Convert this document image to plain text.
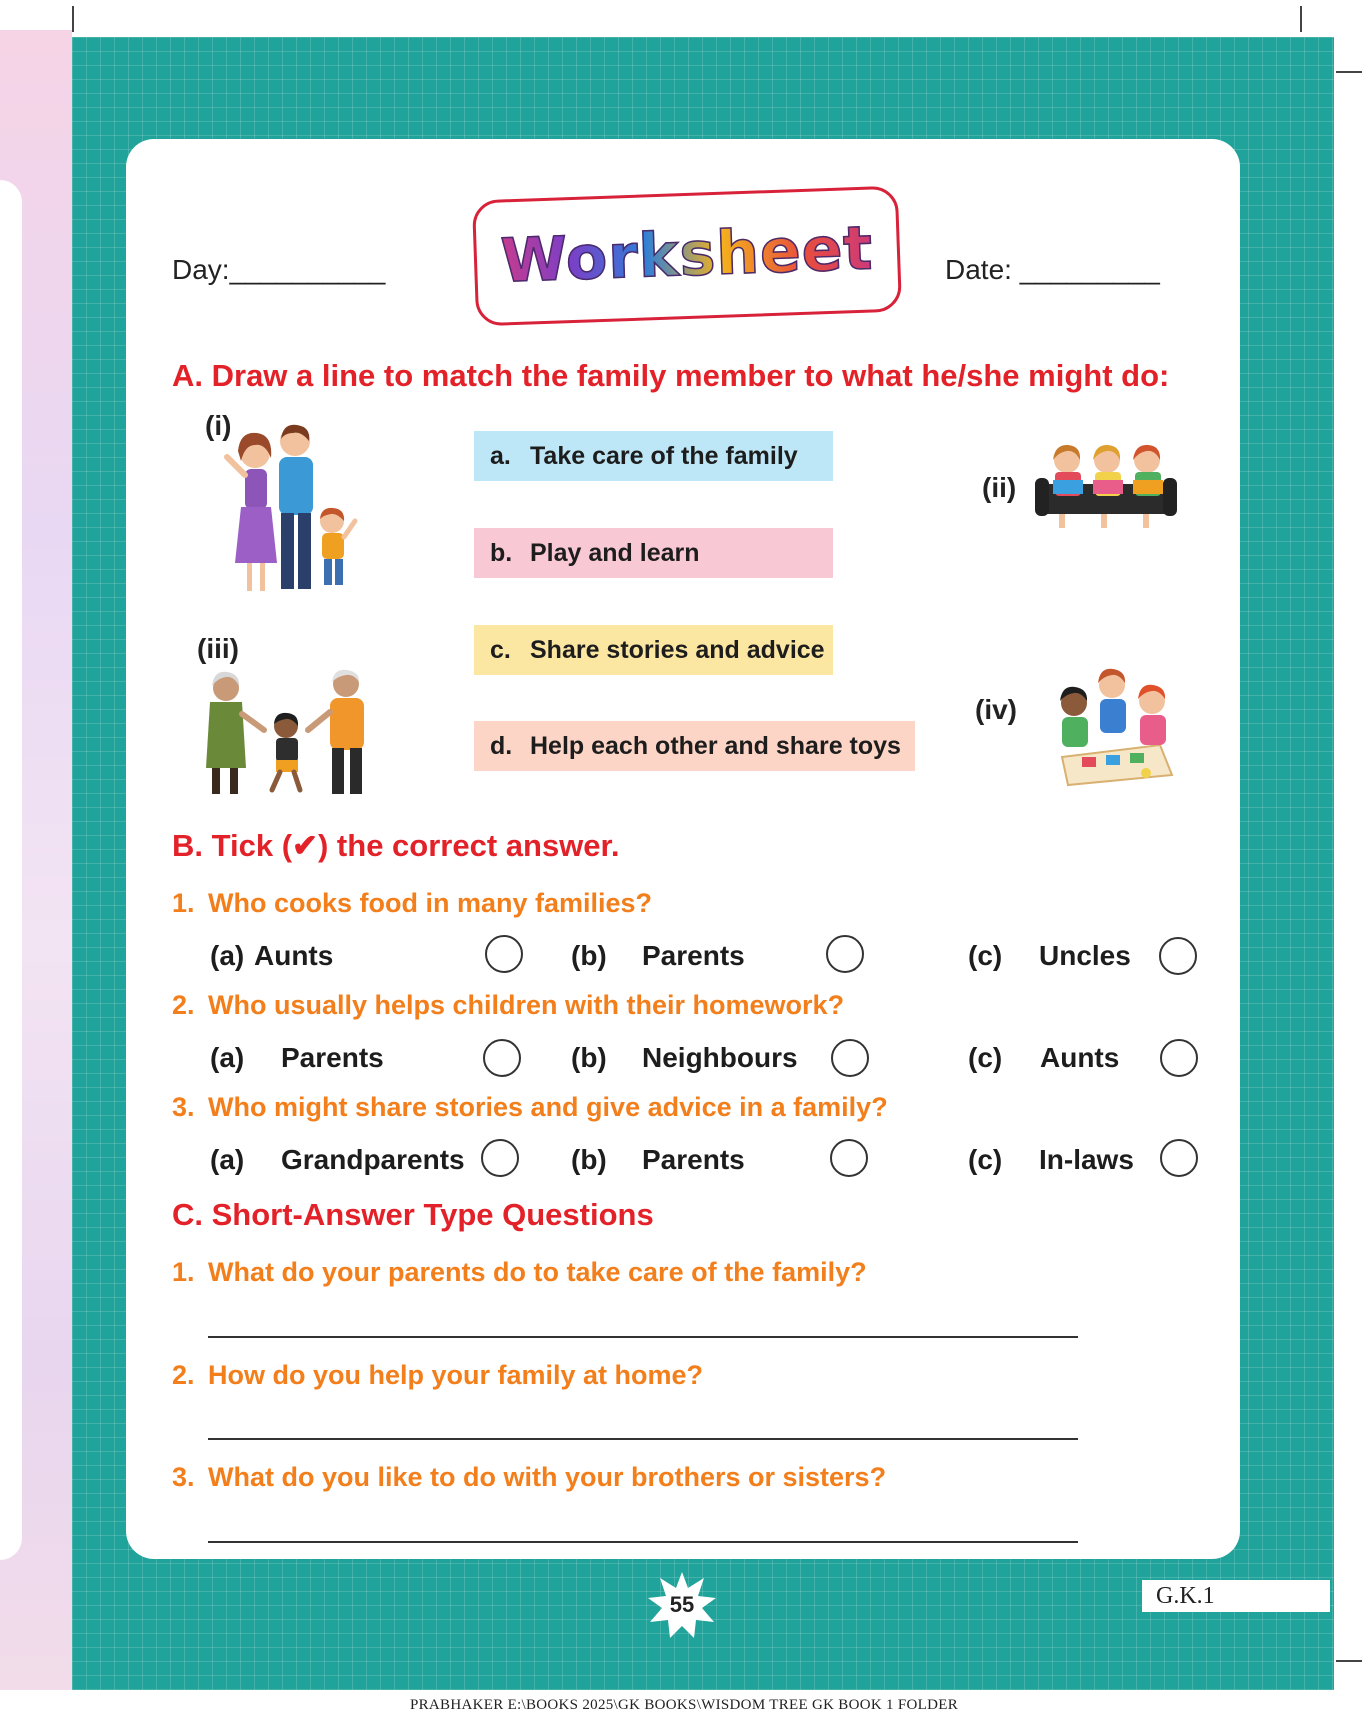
Day:__________	Worksheet	Date: _________
A. Draw a line to match the family member to what he/she might do:
(i)
(ii)
(iii)
(iv)
a. Take care of the family
b. Play and learn
c. Share stories and advice
d. Help each other and share toys
B. Tick (✔) the correct answer.
1. Who cooks food in many families?
(a) Aunts	(b) Parents	(c) Uncles
2. Who usually helps children with their homework?
(a) Parents	(b) Neighbours	(c) Aunts
3. Who might share stories and give advice in a family?
(a) Grandparents	(b) Parents	(c) In-laws
C. Short-Answer Type Questions
1. What do your parents do to take care of the family?
2. How do you help your family at home?
3. What do you like to do with your brothers or sisters?
55	G.K.1
PRABHAKER E:\BOOKS 2025\GK BOOKS\WISDOM TREE GK BOOK 1 FOLDER
